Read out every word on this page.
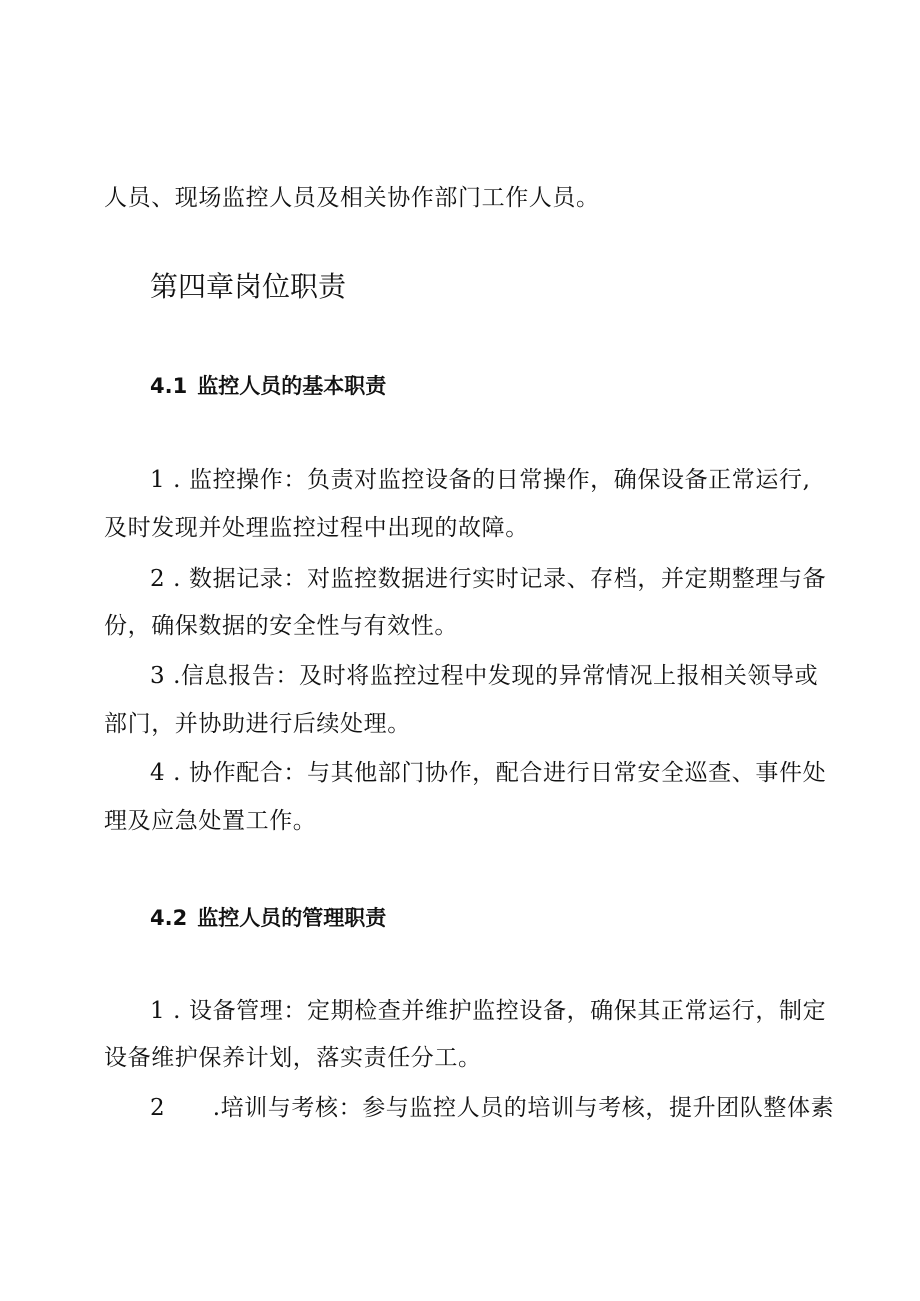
人员、现场监控人员及相关协作部门工作人员。
第四章岗位职责
4.1 监控人员的基本职责
1 . 监控操作：负责对监控设备的日常操作，确保设备正常运行,
及时发现并处理监控过程中出现的故障。
2 . 数据记录：对监控数据进行实时记录、存档，并定期整理与备
份，确保数据的安全性与有效性。
3 .信息报告：及时将监控过程中发现的异常情况上报相关领导或
部门，并协助进行后续处理。
4 . 协作配合：与其他部门协作，配合进行日常安全巡查、事件处
理及应急处置工作。
4.2 监控人员的管理职责
1 . 设备管理：定期检查并维护监控设备，确保其正常运行，制定
设备维护保养计划，落实责任分工。
2      .培训与考核：参与监控人员的培训与考核，提升团队整体素
